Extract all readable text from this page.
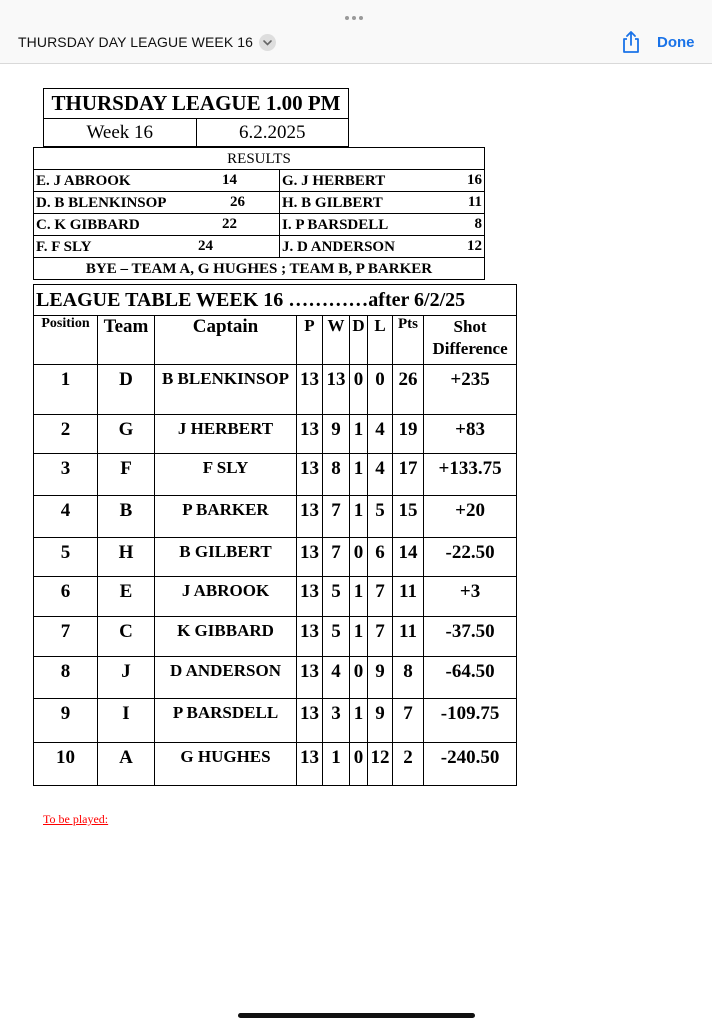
THURSDAY DAY LEAGUE WEEK 16	Done
THURSDAY LEAGUE 1.00 PM
Week 16	6.2.2025
RESULTS	
E. J ABROOK 14	G. J HERBERT 16

D. B BLENKINSOP 26	H. B GILBERT 11

C. K GIBBARD 22	I. P BARSDELL 8

F. F SLY 24	J. D ANDERSON 12

BYE – TEAM A, G HUGHES ; TEAM B, P BARKER	
LEAGUE TABLE WEEK 16 …………after 6/2/25								
Position	Team	Captain	P	W	D	L	Pts	Shot Difference
1	D	B BLENKINSOP	13	13	0	0	26	+235
2	G	J HERBERT	13	9	1	4	19	+83
3	F	F SLY	13	8	1	4	17	+133.75
4	B	P BARKER	13	7	1	5	15	+20
5	H	B GILBERT	13	7	0	6	14	-22.50
6	E	J ABROOK	13	5	1	7	11	+3
7	C	K GIBBARD	13	5	1	7	11	-37.50
8	J	D ANDERSON	13	4	0	9	8	-64.50
9	I	P BARSDELL	13	3	1	9	7	-109.75
10	A	G HUGHES	13	1	0	12	2	-240.50
To be played:
